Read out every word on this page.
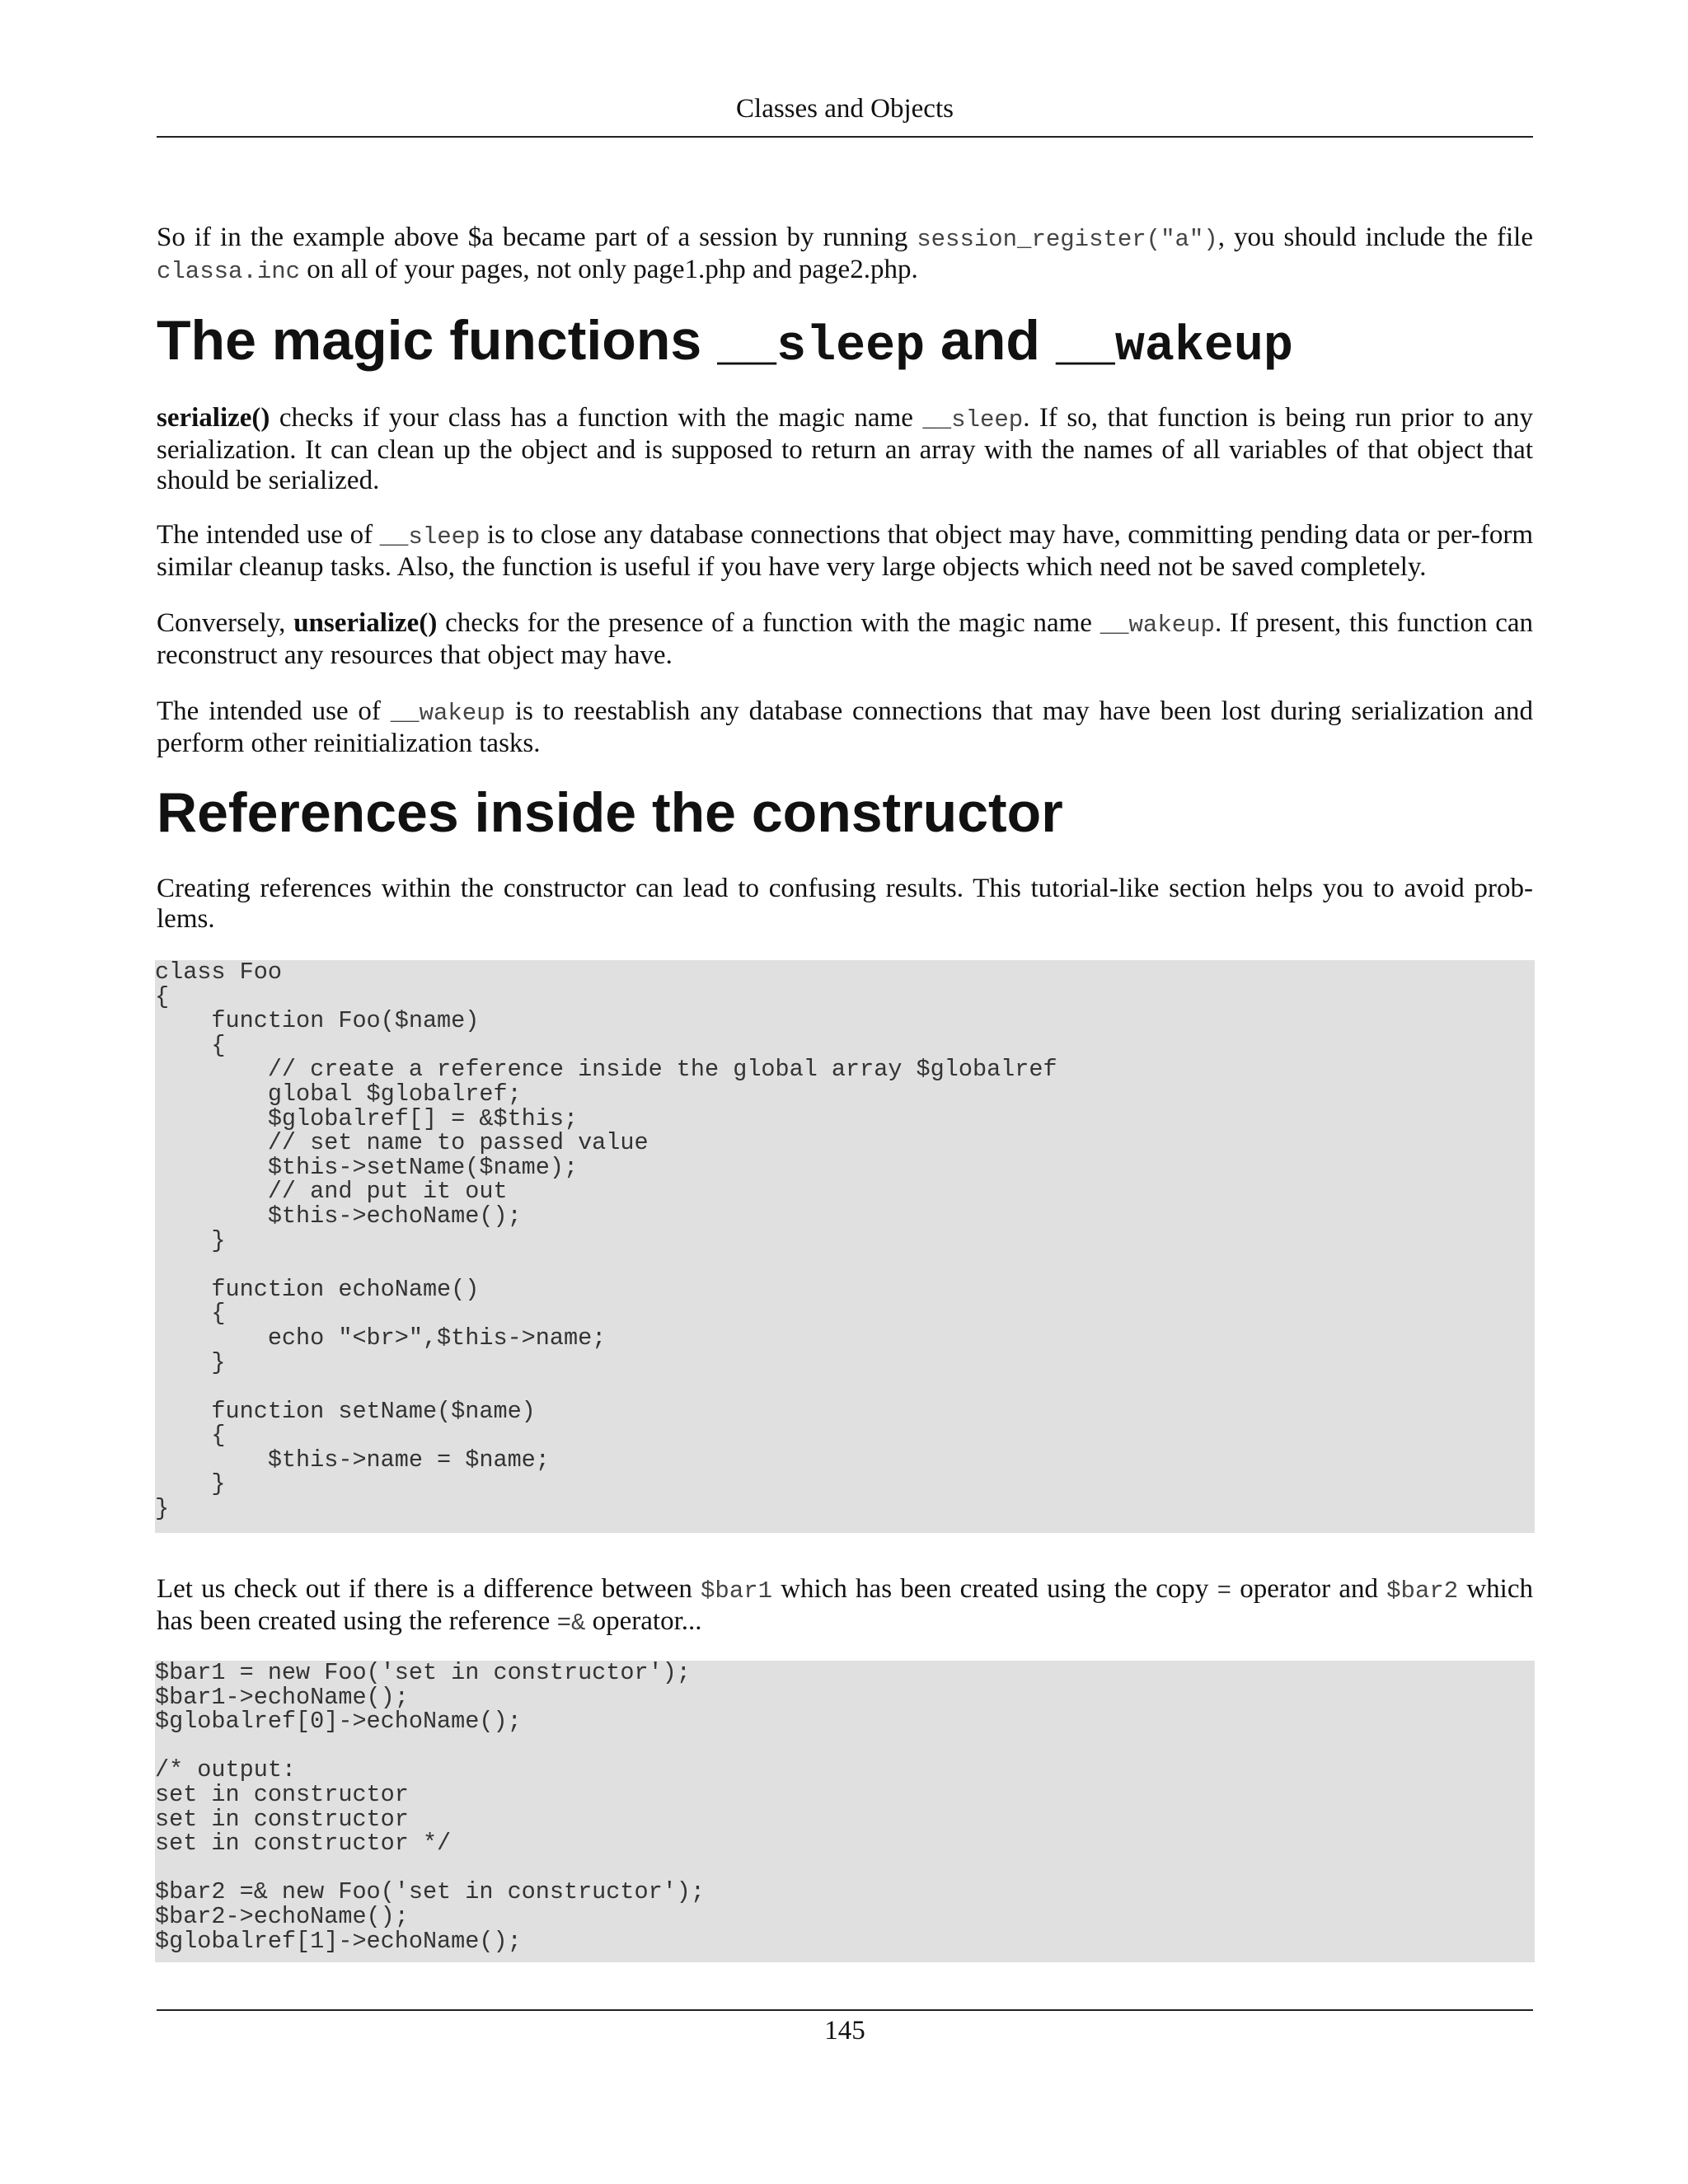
Classes and Objects

So if in the example above $a became part of a session by running session_register("a"), you should include the file classa.inc on all of your pages, not only page1.php and page2.php.

The magic functions __sleep and __wakeup

serialize() checks if your class has a function with the magic name __sleep. If so, that function is being run prior to any serialization. It can clean up the object and is supposed to return an array with the names of all variables of that object that should be serialized.

The intended use of __sleep is to close any database connections that object may have, committing pending data or per-form similar cleanup tasks. Also, the function is useful if you have very large objects which need not be saved completely.

Conversely, unserialize() checks for the presence of a function with the magic name __wakeup. If present, this function can reconstruct any resources that object may have.

The intended use of __wakeup is to reestablish any database connections that may have been lost during serialization and perform other reinitialization tasks.

References inside the constructor

Creating references within the constructor can lead to confusing results. This tutorial-like section helps you to avoid prob-lems.

class Foo
{
function Foo($name)
{
// create a reference inside the global array $globalref
global $globalref;
$globalref[] = &$this;
// set name to passed value
$this->setName($name);
// and put it out
$this->echoName();
}

function echoName()
{
echo "<br>",$this->name;
}

function setName($name)
{
$this->name = $name;
}
}

Let us check out if there is a difference between $bar1 which has been created using the copy = operator and $bar2 which has been created using the reference =& operator...

$bar1 = new Foo('set in constructor');
$bar1->echoName();
$globalref[0]->echoName();

/* output:
set in constructor
set in constructor
set in constructor */

$bar2 =& new Foo('set in constructor');
$bar2->echoName();
$globalref[1]->echoName();
145
